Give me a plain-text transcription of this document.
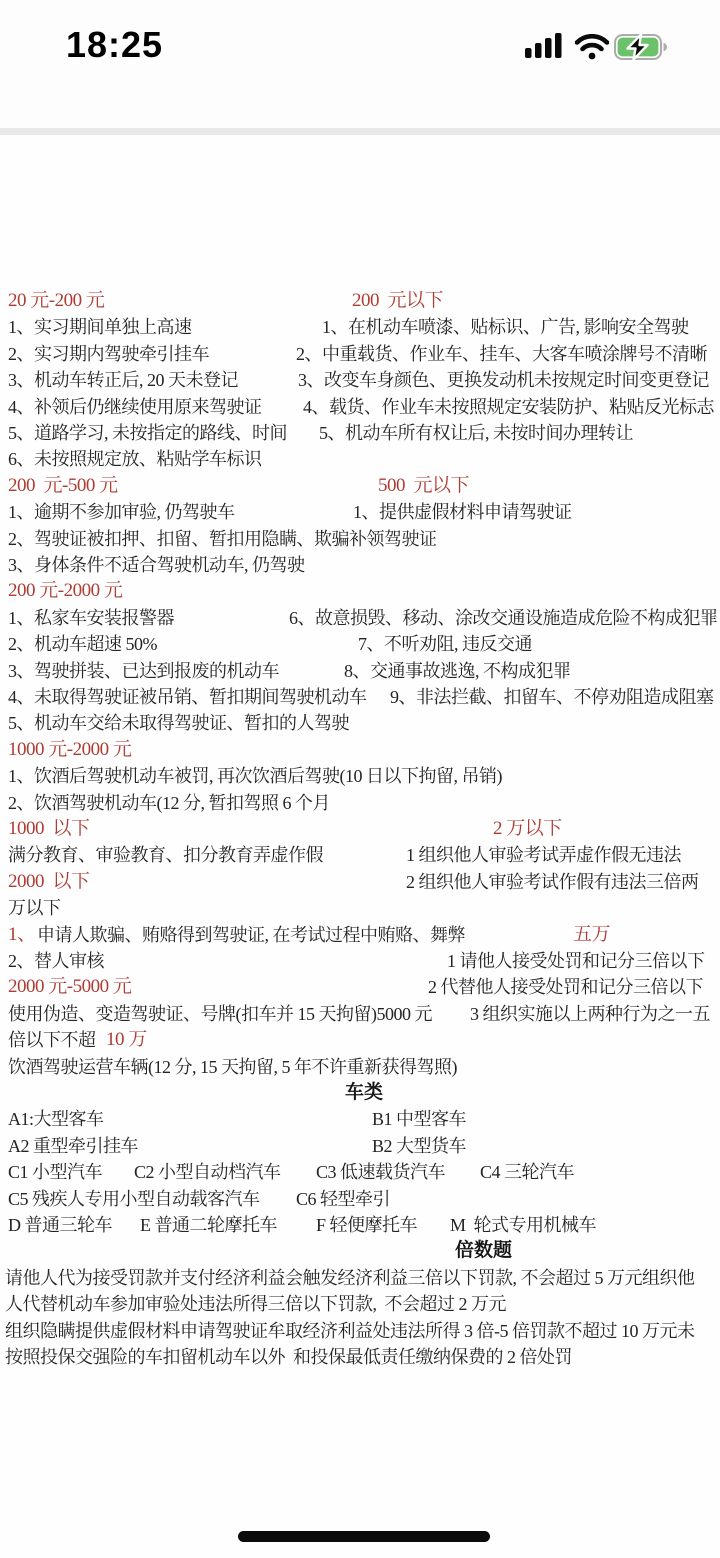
18:25
20 元-200 元	200  元以下
1、实习期间单独上高速	1、在机动车喷漆、贴标识、广告, 影响安全驾驶
2、实习期内驾驶牵引挂车	2、中重载货、作业车、挂车、大客车喷涂牌号不清晰
3、机动车转正后, 20 天未登记	3、改变车身颜色、更换发动机未按规定时间变更登记
4、补领后仍继续使用原来驾驶证 4、载货、作业车未按照规定安装防护、粘贴反光标志
5、道路学习, 未按指定的路线、时间 5、机动车所有权让后, 未按时间办理转让
6、未按照规定放、粘贴学车标识
200  元-500 元	500  元以下
1、逾期不参加审验, 仍驾驶车	1、提供虚假材料申请驾驶证
2、驾驶证被扣押、扣留、暂扣用隐瞒、欺骗补领驾驶证
3、身体条件不适合驾驶机动车, 仍驾驶
200 元-2000 元
1、私家车安装报警器	6、故意损毁、移动、涂改交通设施造成危险不构成犯罪
2、机动车超速 50%	7、不听劝阻, 违反交通
3、驾驶拼装、已达到报废的机动车	8、交通事故逃逸, 不构成犯罪
4、未取得驾驶证被吊销、暂扣期间驾驶机动车 9、非法拦截、扣留车、不停劝阻造成阻塞
5、机动车交给未取得驾驶证、暂扣的人驾驶
1000 元-2000 元
1、饮酒后驾驶机动车被罚, 再次饮酒后驾驶(10 日以下拘留, 吊销)
2、饮酒驾驶机动车(12 分, 暂扣驾照 6 个月
1000  以下	2 万以下
满分教育、审验教育、扣分教育弄虚作假	1 组织他人审验考试弄虚作假无违法
2000  以下	2 组织他人审验考试作假有违法三倍两
万以下
1、 申请人欺骗、贿赂得到驾驶证, 在考试过程中贿赂、舞弊	五万
2、替人审核	1 请他人接受处罚和记分三倍以下
2000 元-5000 元	2 代替他人接受处罚和记分三倍以下
使用伪造、变造驾驶证、号牌(扣车并 15 天拘留)5000 元 3 组织实施以上两种行为之一五
倍以下不超 10 万
饮酒驾驶运营车辆(12 分, 15 天拘留, 5 年不许重新获得驾照)
车类
A1:大型客车	B1 中型客车
A2 重型牵引挂车	B2 大型货车
C1 小型汽车 C2 小型自动档汽车 C3 低速载货汽车 C4 三轮汽车
C5 残疾人专用小型自动载客汽车 C6 轻型牵引
D 普通三轮车 E 普通二轮摩托车 F 轻便摩托车 M  轮式专用机械车
倍数题
请他人代为接受罚款并支付经济利益会触发经济利益三倍以下罚款, 不会超过 5 万元组织他
人代替机动车参加审验处违法所得三倍以下罚款,  不会超过 2 万元
组织隐瞒提供虚假材料申请驾驶证牟取经济利益处违法所得 3 倍-5 倍罚款不超过 10 万元未
按照投保交强险的车扣留机动车以外  和投保最低责任缴纳保费的 2 倍处罚
